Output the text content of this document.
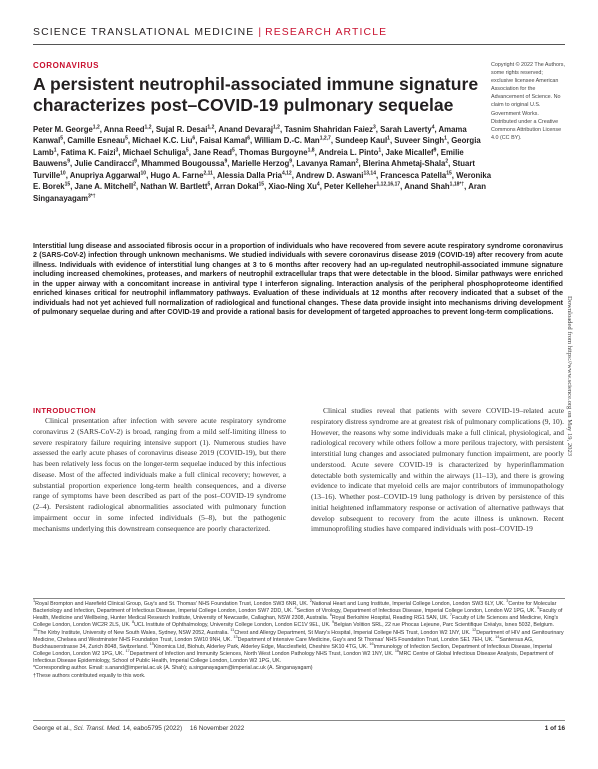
SCIENCE TRANSLATIONAL MEDICINE | RESEARCH ARTICLE
CORONAVIRUS
A persistent neutrophil-associated immune signature characterizes post–COVID-19 pulmonary sequelae

Peter M. George$^{1,2}$, Anna Reed$^{1,2}$, Sujal R. Desai$^{1,2}$, Anand Devaraj$^{1,2}$, Tasnim Shahridan Faiez$^3$, Sarah Laverty$^4$, Amama Kanwal$^5$, Camille Esneau$^5$, Michael K.C. Liu$^6$, Faisal Kamal$^6$, William D.-C. Man$^{1,2,7}$, Sundeep Kaul$^1$, Suveer Singh$^1$, Georgia Lamb$^1$, Fatima K. Faizi$^3$, Michael Schuliga$^5$, Jane Read$^5$, Thomas Burgoyne$^{1,8}$, Andreia L. Pinto$^1$, Jake Micallef$^9$, Emilie Bauwens$^9$, Julie Candiracci$^9$, Mhammed Bougoussa$^9$, Marielle Herzog$^9$, Lavanya Raman$^2$, Blerina Ahmetaj-Shala$^2$, Stuart Turville$^{10}$, Anupriya Aggarwal$^{10}$, Hugo A. Farne$^{2,11}$, Alessia Dalla Pria$^{4,12}$, Andrew D. Aswani$^{13,14}$, Francesca Patella$^{15}$, Weronika E. Borek$^{15}$, Jane A. Mitchell$^2$, Nathan W. Bartlett$^5$, Arran Dokal$^{15}$, Xiao-Ning Xu$^4$, Peter Kelleher$^{1,12,16,17}$, Anand Shah$^{1,18*\dagger}$, Aran Singanayagam$^{3*\dagger}$

Copyright © 2022 The Authors, some rights reserved; exclusive licensee American Association for the Advancement of Science. No claim to original U.S. Government Works. Distributed under a Creative Commons Attribution License 4.0 (CC BY).

Interstitial lung disease and associated fibrosis occur in a proportion of individuals who have recovered from severe acute respiratory syndrome coronavirus 2 (SARS-CoV-2) infection through unknown mechanisms. We studied individuals with severe coronavirus disease 2019 (COVID-19) after recovery from acute illness. Individuals with evidence of interstitial lung changes at 3 to 6 months after recovery had an up-regulated neutrophil-associated immune signature including increased chemokines, proteases, and markers of neutrophil extracellular traps that were detectable in the blood. Similar pathways were enriched in the upper airway with a concomitant increase in antiviral type I interferon signaling. Interaction analysis of the peripheral phosphoproteome identified enriched kinases critical for neutrophil inflammatory pathways. Evaluation of these individuals at 12 months after recovery indicated that a subset of the individuals had not yet achieved full normalization of radiological and functional changes. These data provide insight into mechanisms driving development of pulmonary sequelae during and after COVID-19 and provide a rational basis for development of targeted approaches to prevent long-term complications.

INTRODUCTION

Clinical presentation after infection with severe acute respiratory syndrome coronavirus 2 (SARS-CoV-2) is broad, ranging from a mild self-limiting illness to severe respiratory failure requiring intensive support (1). Numerous studies have assessed the early acute phases of coronavirus disease 2019 (COVID-19), but there has been relatively less focus on the longer-term sequelae induced by this infectious disease. Most of the affected individuals make a full clinical recovery; however, a substantial proportion experience long-term health consequences, and a diverse range of symptoms have been described as part of the post–COVID-19 syndrome (2–4). Persistent radiological abnormalities associated with pulmonary function impairment occur in some infected individuals (5–8), but the pathogenic mechanisms underlying this downstream consequence are poorly characterized.

Clinical studies reveal that patients with severe COVID-19–related acute respiratory distress syndrome are at greatest risk of pulmonary complications (9, 10). However, the reasons why some individuals make a full clinical, physiological, and radiological recovery while others follow a more perilous trajectory, with persistent interstitial lung changes and associated pulmonary function impairment, are poorly understood. Acute severe COVID-19 is characterized by hyperinflammation detectable both systemically and within the airways (11–13), and there is growing evidence to indicate that myeloid cells are major contributors of immunopathology (13–16). Whether post–COVID-19 lung pathology is driven by persistence of this initial heightened inflammatory response or activation of alternative pathways that develop subsequent to recovery from the acute illness is unknown. Recent immunoprofiling studies have compared individuals with post–COVID-19

Downloaded from https://www.science.org on May 19, 2023

$^1$Royal Brompton and Harefield Clinical Group, Guy's and St. Thomas' NHS Foundation Trust, London SW3 6NR, UK. $^2$National Heart and Lung Institute, Imperial College London, London SW3 6LY, UK. $^3$Centre for Molecular Bacteriology and Infection, Department of Infectious Disease, Imperial College London, London SW7 2DD, UK. $^4$Section of Virology, Department of Infectious Disease, Imperial College London, London W2 1PG, UK. $^5$Faculty of Health, Medicine and Wellbeing, Hunter Medical Research Institute, University of Newcastle, Callaghan, NSW 2308, Australia. $^6$Royal Berkshire Hospital, Reading RG1 5AN, UK. $^7$Faculty of Life Sciences and Medicine, King's College London, London WC2R 2LS, UK. $^8$UCL Institute of Ophthalmology, University College London, London EC1V 9EL, UK. $^9$Belgian Volition SRL, 22 rue Phocas Lejeune, Parc Scientifique Créalys, Isnes 5032, Belgium. $^{10}$The Kirby Institute, University of New South Wales, Sydney, NSW 2052, Australia. $^{11}$Chest and Allergy Department, St Mary's Hospital, Imperial College NHS Trust, London W2 1NY, UK. $^{12}$Department of HIV and Genitourinary Medicine, Chelsea and Westminster NHS Foundation Trust, London SW10 9NH, UK. $^{13}$Department of Intensive Care Medicine, Guy's and St Thomas' NHS Foundation Trust, London SE1 7EH, UK. $^{14}$Santersus AG, Buckhauserstrasse 34, Zurich 8048, Switzerland. $^{15}$Kinomica Ltd, Biohub, Alderley Park, Alderley Edge, Macclesfield, Cheshire SK10 4TG, UK. $^{16}$Immunology of Infection Section, Department of Infectious Disease, Imperial College London, London W2 1PG, UK. $^{17}$Department of Infection and Immunity Sciences, North West London Pathology NHS Trust, London W2 1NY, UK. $^{18}$MRC Centre of Global Infectious Disease Analysis, Department of Infectious Disease Epidemiology, School of Public Health, Imperial College London, London W2 1PG, UK.

*Corresponding author. Email: s.anand@imperial.ac.uk (A. Shah); a.singanayagam@imperial.ac.uk (A. Singanayagam)

†These authors contributed equally to this work.

George et al., Sci. Transl. Med. 14, eabo5795 (2022) 16 November 2022	1 of 16
